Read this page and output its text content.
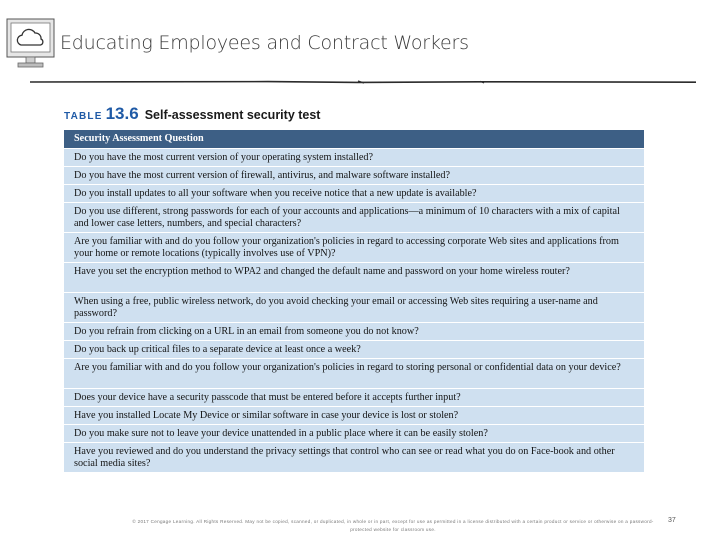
Educating Employees and Contract Workers
TABLE 13.6 Self-assessment security test
Security Assessment Question
Do you have the most current version of your operating system installed?
Do you have the most current version of firewall, antivirus, and malware software installed?
Do you install updates to all your software when you receive notice that a new update is available?
Do you use different, strong passwords for each of your accounts and applications—a minimum of 10 characters with a mix of capital and lower case letters, numbers, and special characters?
Are you familiar with and do you follow your organization's policies in regard to accessing corporate Web sites and applications from your home or remote locations (typically involves use of VPN)?
Have you set the encryption method to WPA2 and changed the default name and password on your home wireless router?
When using a free, public wireless network, do you avoid checking your email or accessing Web sites requiring a user-name and password?
Do you refrain from clicking on a URL in an email from someone you do not know?
Do you back up critical files to a separate device at least once a week?
Are you familiar with and do you follow your organization's policies in regard to storing personal or confidential data on your device?
Does your device have a security passcode that must be entered before it accepts further input?
Have you installed Locate My Device or similar software in case your device is lost or stolen?
Do you make sure not to leave your device unattended in a public place where it can be easily stolen?
Have you reviewed and do you understand the privacy settings that control who can see or read what you do on Face-book and other social media sites?
© 2017 Cengage Learning. All Rights Reserved. May not be copied, scanned, or duplicated, in whole or in part, except for use as permitted in a license distributed with a certain product or service or otherwise on a password-protected website for classroom use.
37
